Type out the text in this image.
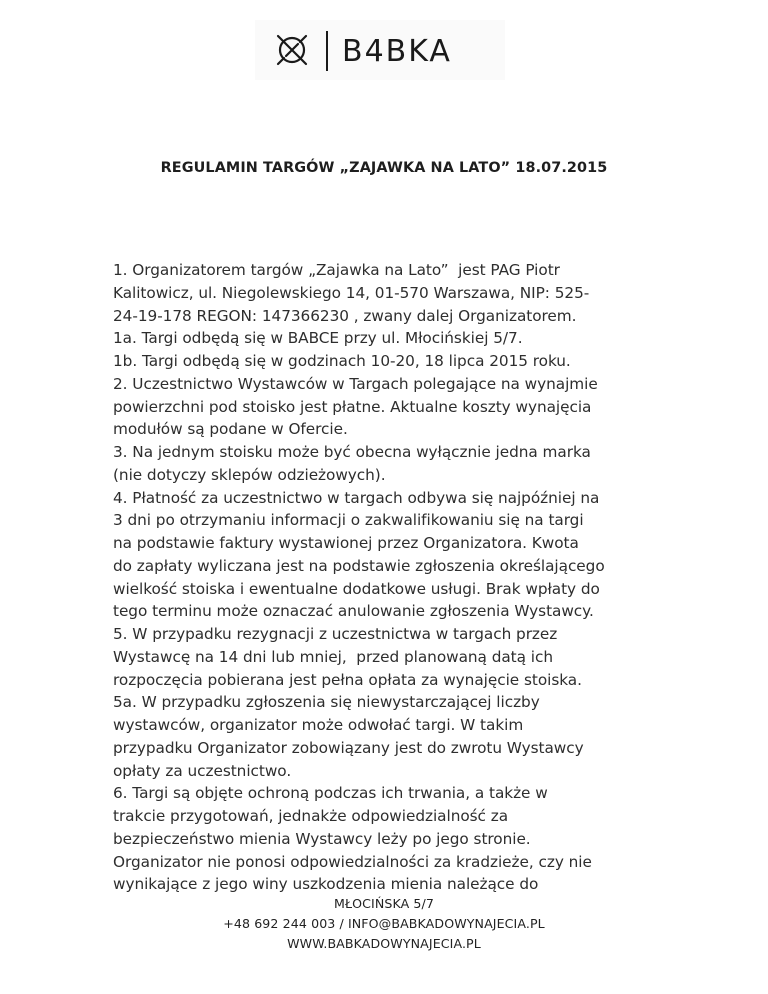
B4BKA
REGULAMIN TARGÓW „ZAJAWKA NA LATO” 18.07.2015
1. Organizatorem targów „Zajawka na Lato”  jest PAG Piotr
Kalitowicz, ul. Niegolewskiego 14, 01-570 Warszawa, NIP: 525-
24-19-178 REGON: 147366230 , zwany dalej Organizatorem.
1a. Targi odbędą się w BABCE przy ul. Młocińskiej 5/7.
1b. Targi odbędą się w godzinach 10-20, 18 lipca 2015 roku.
2. Uczestnictwo Wystawców w Targach polegające na wynajmie
powierzchni pod stoisko jest płatne. Aktualne koszty wynajęcia
modułów są podane w Ofercie.
3. Na jednym stoisku może być obecna wyłącznie jedna marka
(nie dotyczy sklepów odzieżowych).
4. Płatność za uczestnictwo w targach odbywa się najpóźniej na
3 dni po otrzymaniu informacji o zakwalifikowaniu się na targi
na podstawie faktury wystawionej przez Organizatora. Kwota
do zapłaty wyliczana jest na podstawie zgłoszenia określającego
wielkość stoiska i ewentualne dodatkowe usługi. Brak wpłaty do
tego terminu może oznaczać anulowanie zgłoszenia Wystawcy.
5. W przypadku rezygnacji z uczestnictwa w targach przez
Wystawcę na 14 dni lub mniej,  przed planowaną datą ich
rozpoczęcia pobierana jest pełna opłata za wynajęcie stoiska.
5a. W przypadku zgłoszenia się niewystarczającej liczby
wystawców, organizator może odwołać targi. W takim
przypadku Organizator zobowiązany jest do zwrotu Wystawcy
opłaty za uczestnictwo.
6. Targi są objęte ochroną podczas ich trwania, a także w
trakcie przygotowań, jednakże odpowiedzialność za
bezpieczeństwo mienia Wystawcy leży po jego stronie.
Organizator nie ponosi odpowiedzialności za kradzieże, czy nie
wynikające z jego winy uszkodzenia mienia należące do
MŁOCIŃSKA 5/7
+48 692 244 003 / INFO@BABKADOWYNAJECIA.PL
WWW.BABKADOWYNAJECIA.PL
